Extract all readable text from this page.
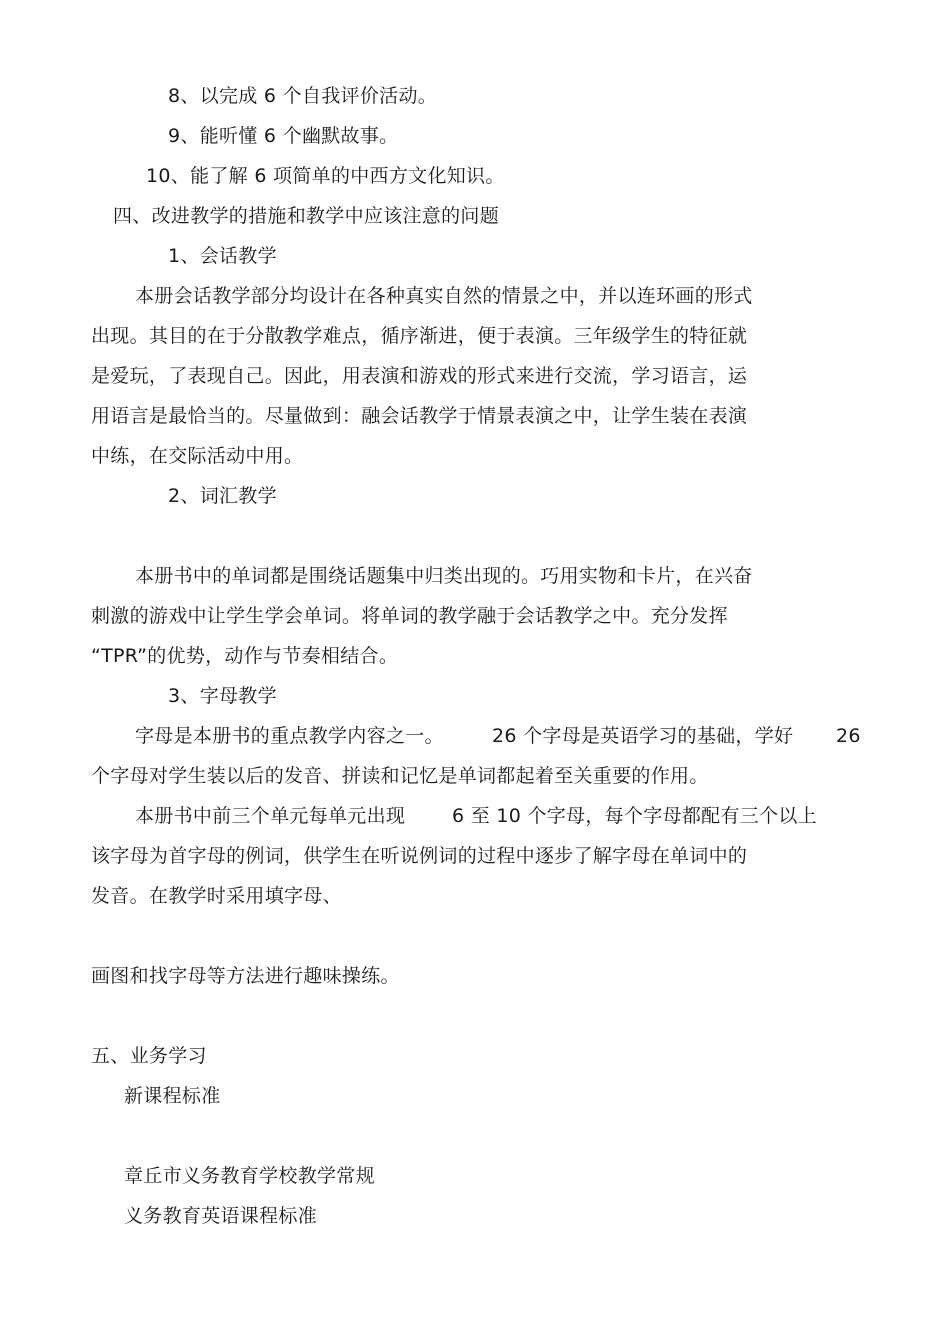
8、以完成 6 个自我评价活动。
9、能听懂 6 个幽默故事。
10、能了解 6 项简单的中西方文化知识。
四、改进教学的措施和教学中应该注意的问题
1、会话教学
本册会话教学部分均设计在各种真实自然的情景之中，并以连环画的形式
出现。其目的在于分散教学难点，循序渐进，便于表演。三年级学生的特征就
是爱玩，了表现自己。因此，用表演和游戏的形式来进行交流，学习语言，运
用语言是最恰当的。尽量做到：融会话教学于情景表演之中，让学生装在表演
中练，在交际活动中用。
2、词汇教学
本册书中的单词都是围绕话题集中归类出现的。巧用实物和卡片，在兴奋
刺激的游戏中让学生学会单词。将单词的教学融于会话教学之中。充分发挥
“TPR”的优势，动作与节奏相结合。
3、字母教学
字母是本册书的重点教学内容之一。	26 个字母是英语学习的基础，学好 26
个字母对学生装以后的发音、拼读和记忆是单词都起着至关重要的作用。
本册书中前三个单元每单元出现 6 至 10 个字母，每个字母都配有三个以上
该字母为首字母的例词，供学生在听说例词的过程中逐步了解字母在单词中的
发音。在教学时采用填字母、
画图和找字母等方法进行趣味操练。
五、业务学习
新课程标准
章丘市义务教育学校教学常规
义务教育英语课程标准
